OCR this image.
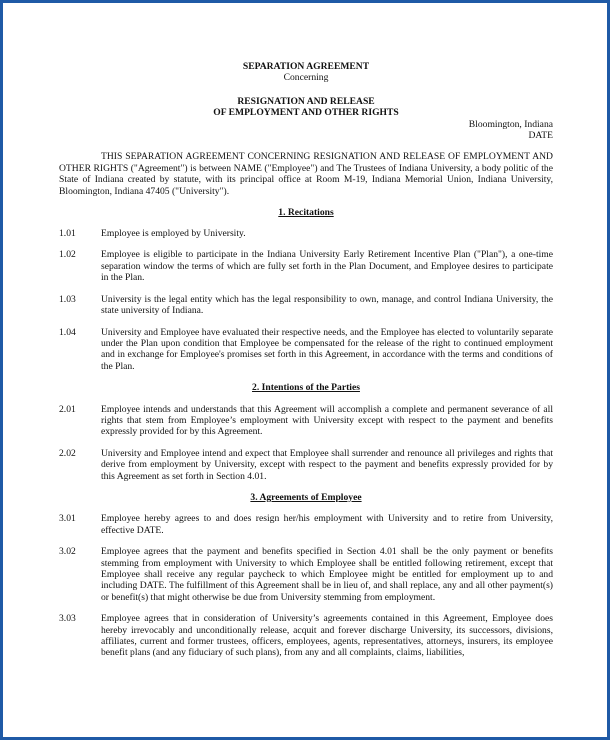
SEPARATION AGREEMENT

Concerning

RESIGNATION AND RELEASE

OF EMPLOYMENT AND OTHER RIGHTS

Bloomington, Indiana

DATE

THIS SEPARATION AGREEMENT CONCERNING RESIGNATION AND RELEASE OF EMPLOYMENT AND OTHER RIGHTS ("Agreement") is between NAME ("Employee") and The Trustees of Indiana University, a body politic of the State of Indiana created by statute, with its principal office at Room M-19, Indiana Memorial Union, Indiana University, Bloomington, Indiana 47405 ("University").

1. Recitations
1.01	Employee is employed by University.
1.02	Employee is eligible to participate in the Indiana University Early Retirement Incentive Plan ("Plan"), a one-time separation window the terms of which are fully set forth in the Plan Document, and Employee desires to participate in the Plan.
1.03	University is the legal entity which has the legal responsibility to own, manage, and control Indiana University, the state university of Indiana.
1.04	University and Employee have evaluated their respective needs, and the Employee has elected to voluntarily separate under the Plan upon condition that Employee be compensated for the release of the right to continued employment and in exchange for Employee's promises set forth in this Agreement, in accordance with the terms and conditions of the Plan.
2. Intentions of the Parties
2.01	Employee intends and understands that this Agreement will accomplish a complete and permanent severance of all rights that stem from Employee’s employment with University except with respect to the payment and benefits expressly provided for by this Agreement.
2.02	University and Employee intend and expect that Employee shall surrender and renounce all privileges and rights that derive from employment by University, except with respect to the payment and benefits expressly provided for by this Agreement as set forth in Section 4.01.
3. Agreements of Employee
3.01	Employee hereby agrees to and does resign her/his employment with University and to retire from University, effective DATE.
3.02	Employee agrees that the payment and benefits specified in Section 4.01 shall be the only payment or benefits stemming from employment with University to which Employee shall be entitled following retirement, except that Employee shall receive any regular paycheck to which Employee might be entitled for employment up to and including DATE. The fulfillment of this Agreement shall be in lieu of, and shall replace, any and all other payment(s) or benefit(s) that might otherwise be due from University stemming from employment.
3.03	Employee agrees that in consideration of University’s agreements contained in this Agreement, Employee does hereby irrevocably and unconditionally release, acquit and forever discharge University, its successors, divisions, affiliates, current and former trustees, officers, employees, agents, representatives, attorneys, insurers, its employee benefit plans (and any fiduciary of such plans), from any and all complaints, claims, liabilities,
